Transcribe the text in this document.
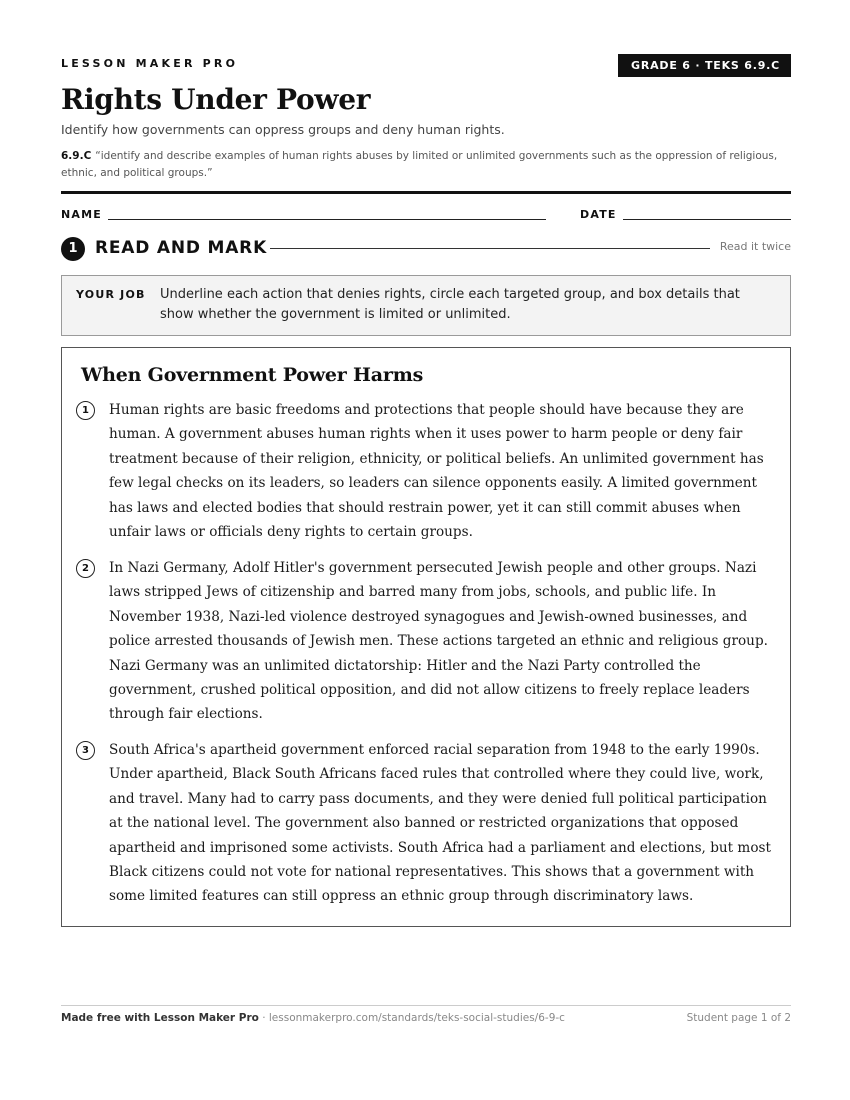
LESSON MAKER PRO	GRADE 6 · TEKS 6.9.C
Rights Under Power
Identify how governments can oppress groups and deny human rights.
6.9.C “identify and describe examples of human rights abuses by limited or unlimited governments such as the oppression of religious, ethnic, and political groups.”
NAME	DATE
1	READ AND MARK	Read it twice
YOUR JOB Underline each action that denies rights, circle each targeted group, and box details that show whether the government is limited or unlimited.
When Government Power Harms
1	Human rights are basic freedoms and protections that people should have because they are human. A government abuses human rights when it uses power to harm people or deny fair treatment because of their religion, ethnicity, or political beliefs. An unlimited government has few legal checks on its leaders, so leaders can silence opponents easily. A limited government has laws and elected bodies that should restrain power, yet it can still commit abuses when unfair laws or officials deny rights to certain groups.

2	In Nazi Germany, Adolf Hitler's government persecuted Jewish people and other groups. Nazi laws stripped Jews of citizenship and barred many from jobs, schools, and public life. In November 1938, Nazi-led violence destroyed synagogues and Jewish-owned businesses, and police arrested thousands of Jewish men. These actions targeted an ethnic and religious group. Nazi Germany was an unlimited dictatorship: Hitler and the Nazi Party controlled the government, crushed political opposition, and did not allow citizens to freely replace leaders through fair elections.

3	South Africa's apartheid government enforced racial separation from 1948 to the early 1990s. Under apartheid, Black South Africans faced rules that controlled where they could live, work, and travel. Many had to carry pass documents, and they were denied full political participation at the national level. The government also banned or restricted organizations that opposed apartheid and imprisoned some activists. South Africa had a parliament and elections, but most Black citizens could not vote for national representatives. This shows that a government with some limited features can still oppress an ethnic group through discriminatory laws.

Made free with Lesson Maker Pro · lessonmakerpro.com/standards/teks-social-studies/6-9-c	Student page 1 of 2
